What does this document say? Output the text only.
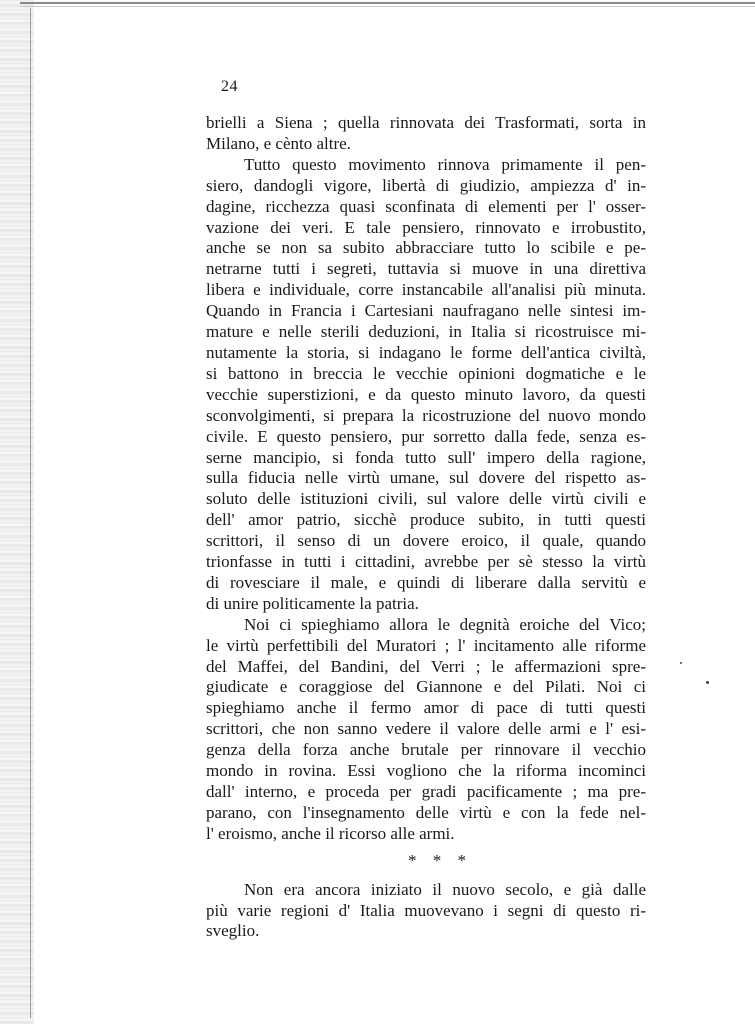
24
brielli a Siena ; quella rinnovata dei Trasformati, sorta in
Milano, e cènto altre.
Tutto questo movimento rinnova primamente il pen-
siero, dandogli vigore, libertà di giudizio, ampiezza d' in-
dagine, ricchezza quasi sconfinata di elementi per l' osser-
vazione dei veri. E tale pensiero, rinnovato e irrobustito,
anche se non sa subito abbracciare tutto lo scibile e pe-
netrarne tutti i segreti, tuttavia si muove in una direttiva
libera e individuale, corre instancabile all'analisi più minuta.
Quando in Francia i Cartesiani naufragano nelle sintesi im-
mature e nelle sterili deduzioni, in Italia si ricostruisce mi-
nutamente la storia, si indagano le forme dell'antica civiltà,
si battono in breccia le vecchie opinioni dogmatiche e le
vecchie superstizioni, e da questo minuto lavoro, da questi
sconvolgimenti, si prepara la ricostruzione del nuovo mondo
civile. E questo pensiero, pur sorretto dalla fede, senza es-
serne mancipio, si fonda tutto sull' impero della ragione,
sulla fiducia nelle virtù umane, sul dovere del rispetto as-
soluto delle istituzioni civili, sul valore delle virtù civili e
dell' amor patrio, sicchè produce subito, in tutti questi
scrittori, il senso di un dovere eroico, il quale, quando
trionfasse in tutti i cittadini, avrebbe per sè stesso la virtù
di rovesciare il male, e quindi di liberare dalla servitù e
di unire politicamente la patria.
Noi ci spieghiamo allora le degnità eroiche del Vico;
le virtù perfettibili del Muratori ; l' incitamento alle riforme
del Maffei, del Bandini, del Verri ; le affermazioni spre-
giudicate e coraggiose del Giannone e del Pilati. Noi ci
spieghiamo anche il fermo amor di pace di tutti questi
scrittori, che non sanno vedere il valore delle armi e l' esi-
genza della forza anche brutale per rinnovare il vecchio
mondo in rovina. Essi vogliono che la riforma incominci
dall' interno, e proceda per gradi pacificamente ; ma pre-
parano, con l'insegnamento delle virtù e con la fede nel-
l' eroismo, anche il ricorso alle armi.
* * *
Non era ancora iniziato il nuovo secolo, e già dalle
più varie regioni d' Italia muovevano i segni di questo ri-
sveglio.
